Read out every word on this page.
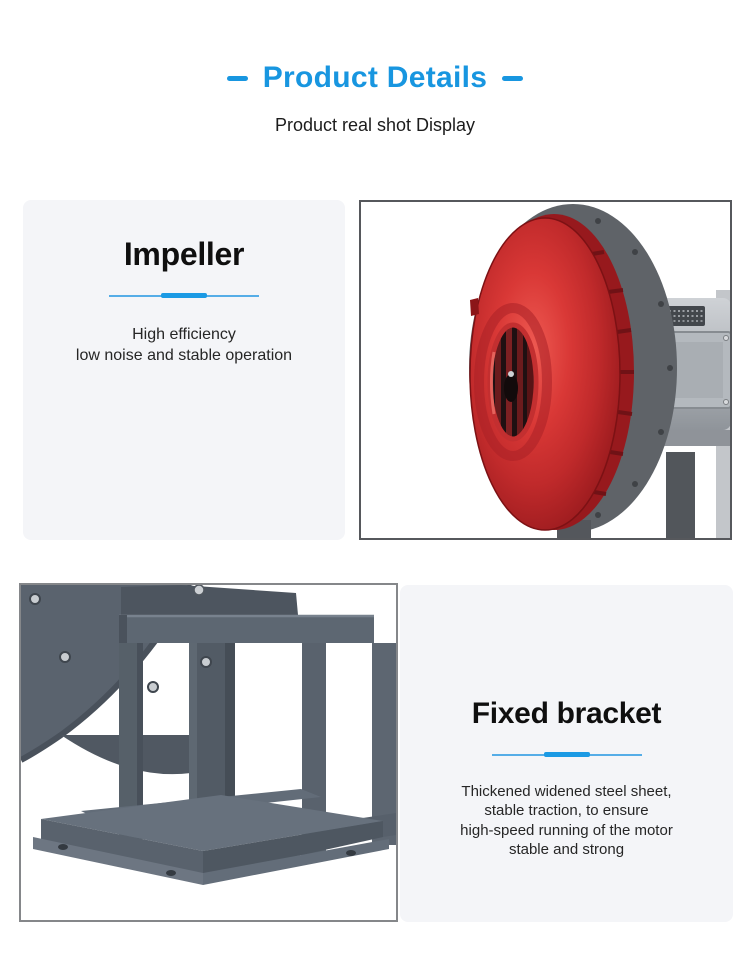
Product Details

Product real shot Display

Impeller

High efficiency
low noise and stable operation

Fixed bracket

Thickened widened steel sheet,
stable traction, to ensure
high-speed running of the motor
stable and strong
